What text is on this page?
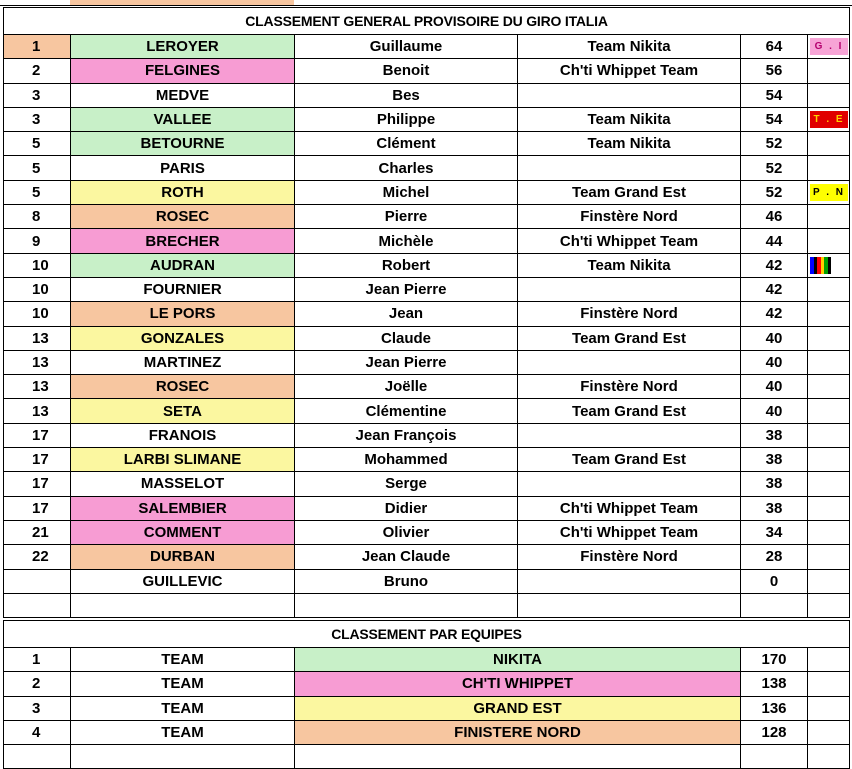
CLASSEMENT GENERAL PROVISOIRE DU GIRO ITALIA					
1	LEROYER	Guillaume	Team Nikita	64	G . I

2	FELGINES	Benoit	Ch'ti Whippet Team	56	
3	MEDVE	Bes		54	
3	VALLEE	Philippe	Team Nikita	54	T . E

5	BETOURNE	Clément	Team Nikita	52	
5	PARIS	Charles		52	
5	ROTH	Michel	Team Grand Est	52	P . N

8	ROSEC	Pierre	Finstère Nord	46	
9	BRECHER	Michèle	Ch'ti Whippet Team	44	
10	AUDRAN	Robert	Team Nikita	42	

10	FOURNIER	Jean Pierre		42	
10	LE PORS	Jean	Finstère Nord	42	
13	GONZALES	Claude	Team Grand Est	40	
13	MARTINEZ	Jean Pierre		40	
13	ROSEC	Joëlle	Finstère Nord	40	
13	SETA	Clémentine	Team Grand Est	40	
17	FRANOIS	Jean François		38	
17	LARBI SLIMANE	Mohammed	Team Grand Est	38	
17	MASSELOT	Serge		38	
17	SALEMBIER	Didier	Ch'ti Whippet Team	38	
21	COMMENT	Olivier	Ch'ti Whippet Team	34	
22	DURBAN	Jean Claude	Finstère Nord	28	
	GUILLEVIC	Bruno		0	

CLASSEMENT PAR EQUIPES				
1	TEAM	NIKITA	170	
2	TEAM	CH'TI WHIPPET	138	
3	TEAM	GRAND EST	136	
4	TEAM	FINISTERE NORD	128	
